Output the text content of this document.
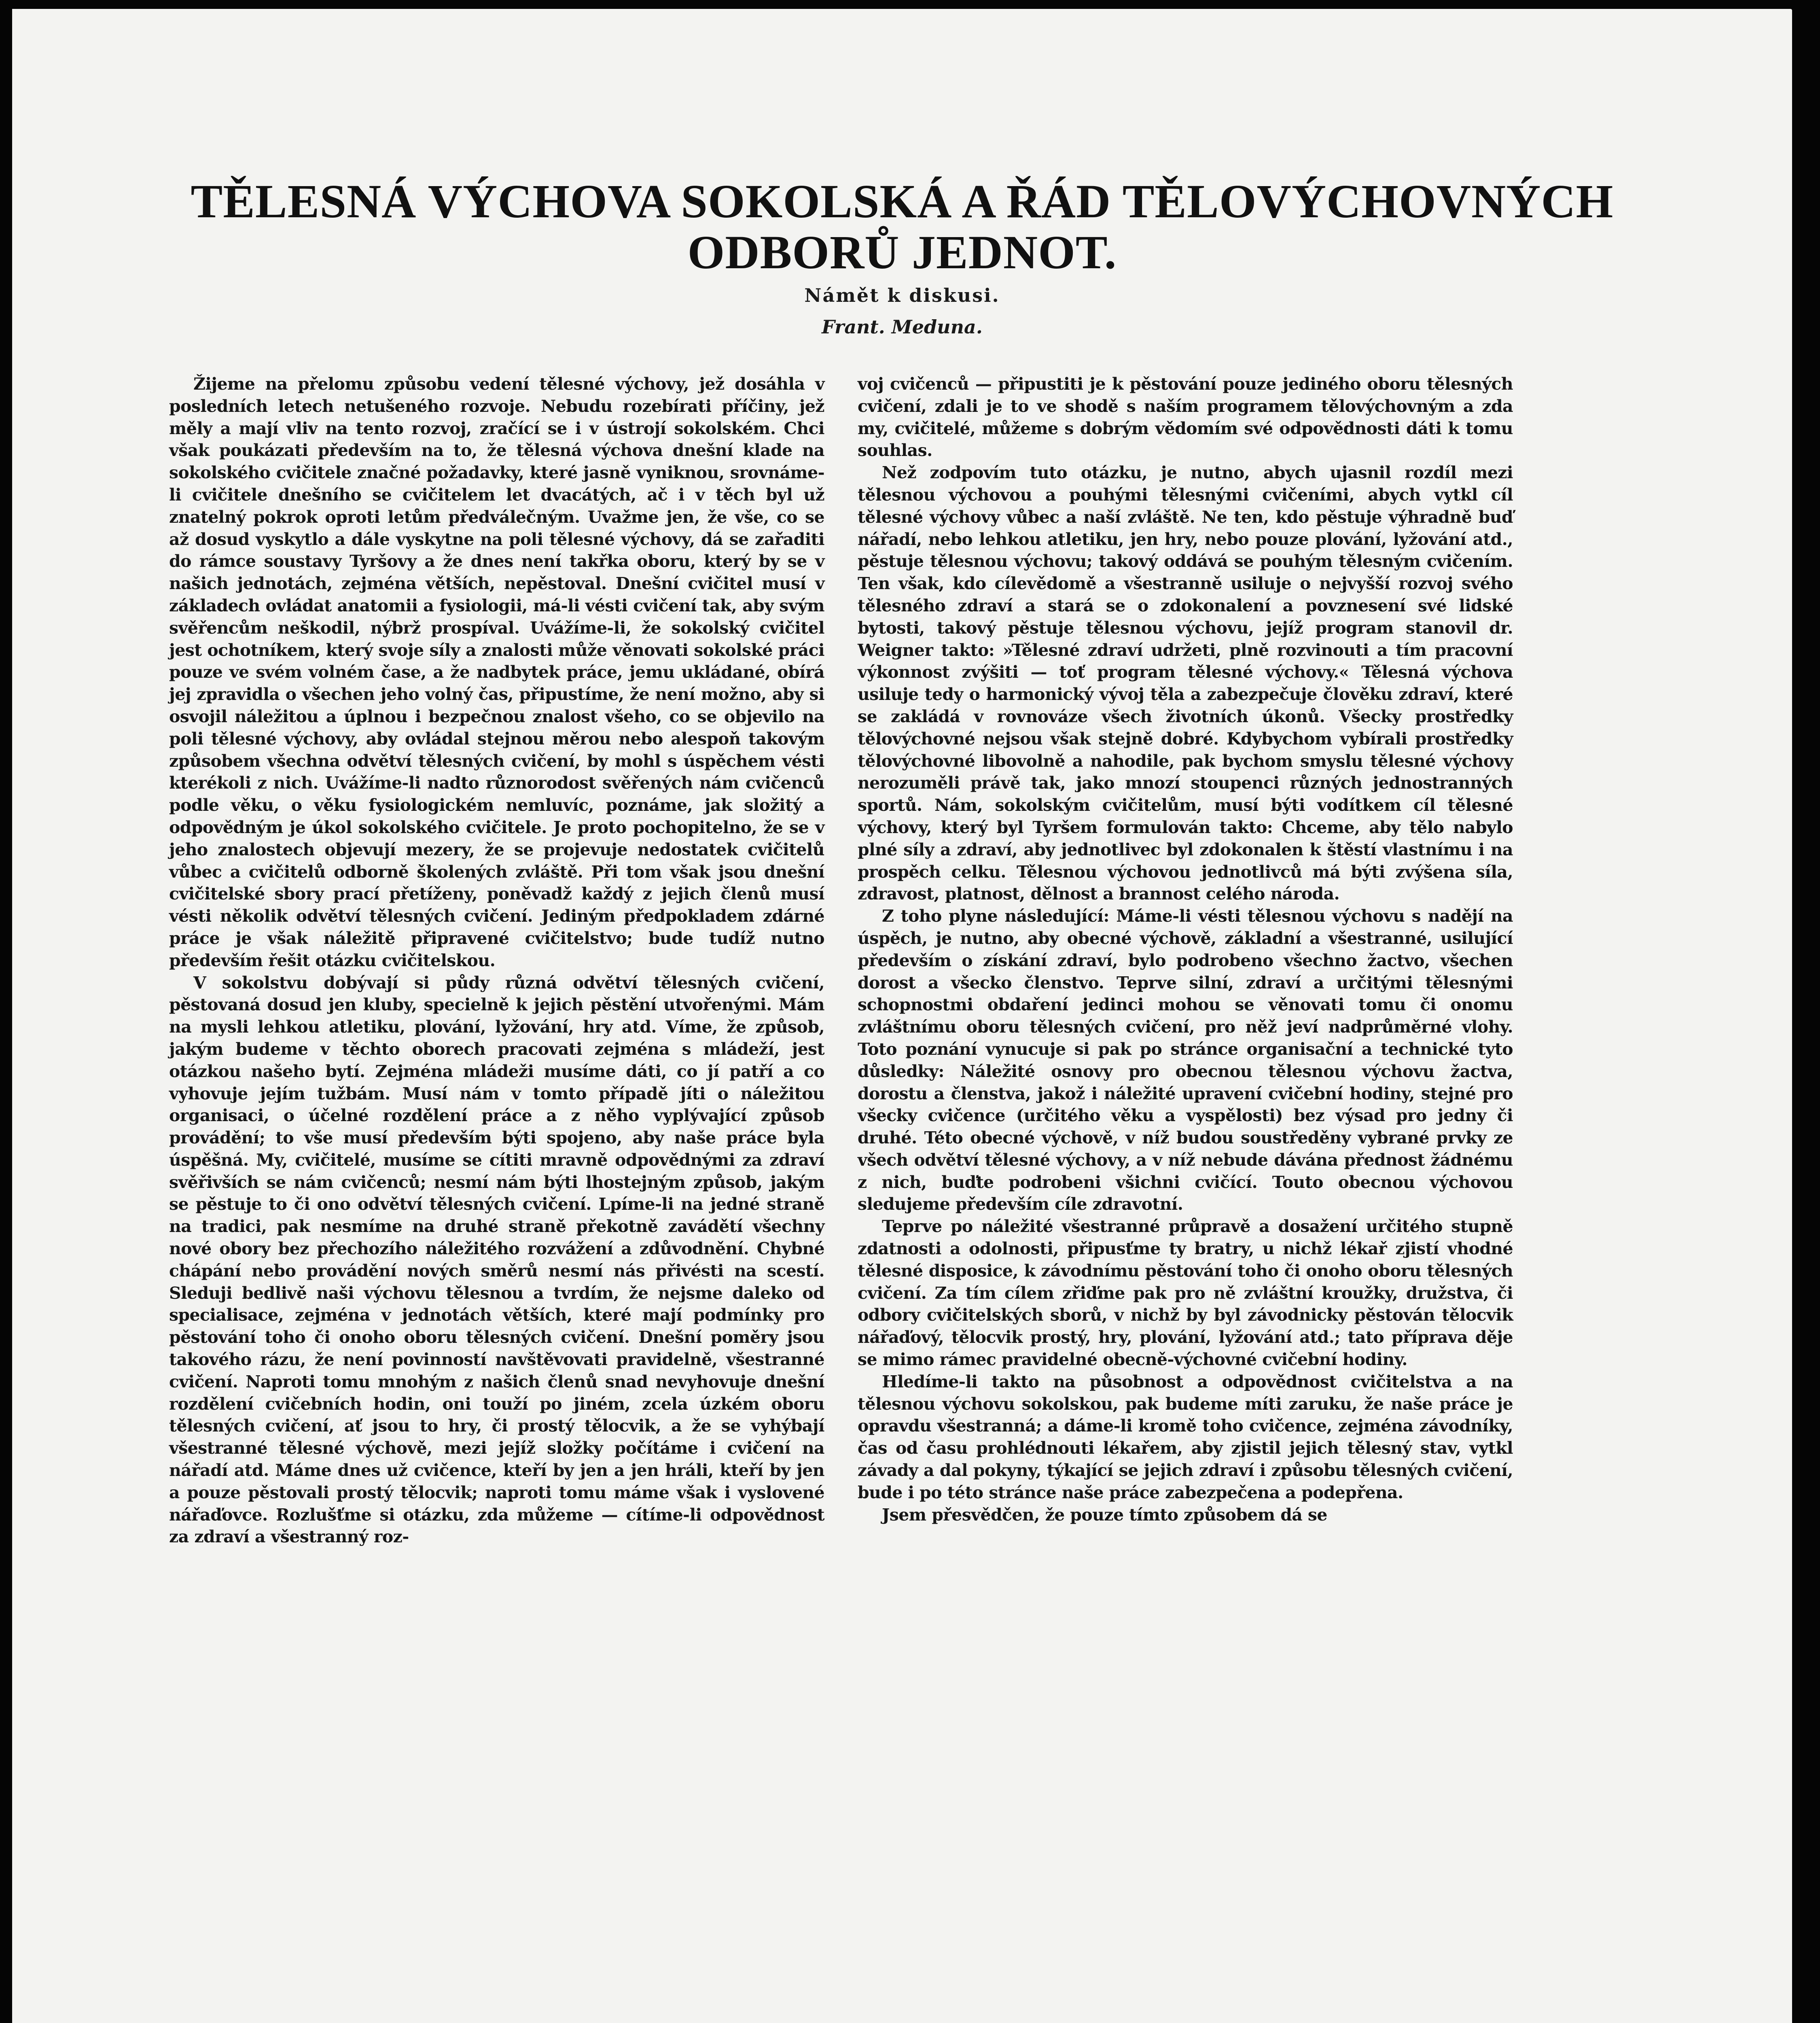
TĚLESNÁ VÝCHOVA SOKOLSKÁ A ŘÁD TĚLOVÝCHOVNÝCH
ODBORŮ JEDNOT.
Námět k diskusi.
Frant. Meduna.

Žijeme na přelomu způsobu vedení tělesné výchovy, jež dosáhla v posledních letech netušeného rozvoje. Nebudu rozebírati příčiny, jež měly a mají vliv na tento rozvoj, zračící se i v ústrojí sokolském. Chci však poukázati především na to, že tělesná výchova dnešní klade na sokolského cvičitele značné požadavky, které jasně vyniknou, srovnáme-li cvičitele dnešního se cvičitelem let dvacátých, ač i v těch byl už znatelný pokrok oproti letům předválečným. Uvažme jen, že vše, co se až dosud vyskytlo a dále vyskytne na poli tělesné výchovy, dá se zařaditi do rámce soustavy Tyršovy a že dnes není takřka oboru, který by se v našich jednotách, zejména větších, nepěstoval. Dnešní cvičitel musí v základech ovládat anatomii a fysiologii, má-li vésti cvičení tak, aby svým svěřencům neškodil, nýbrž prospíval. Uvážíme-li, že sokolský cvičitel jest ochotníkem, který svoje síly a znalosti může věnovati sokolské práci pouze ve svém volném čase, a že nadbytek práce, jemu ukládané, obírá jej zpravidla o všechen jeho volný čas, připustíme, že není možno, aby si osvojil náležitou a úplnou i bezpečnou znalost všeho, co se objevilo na poli tělesné výchovy, aby ovládal stejnou měrou nebo alespoň takovým způsobem všechna odvětví tělesných cvičení, by mohl s úspěchem vésti kterékoli z nich. Uvážíme-li nadto různorodost svěřených nám cvičenců podle věku, o věku fysiologickém nemluvíc, poznáme, jak složitý a odpovědným je úkol sokolského cvičitele. Je proto pochopitelno, že se v jeho znalostech objevují mezery, že se projevuje nedostatek cvičitelů vůbec a cvičitelů odborně školených zvláště. Při tom však jsou dnešní cvičitelské sbory prací přetíženy, poněvadž každý z jejich členů musí vésti několik odvětví tělesných cvičení. Jediným předpokladem zdárné práce je však náležitě připravené cvičitelstvo; bude tudíž nutno především řešit otázku cvičitelskou.

V sokolstvu dobývají si půdy různá odvětví tělesných cvičení, pěstovaná dosud jen kluby, specielně k jejich pěstění utvořenými. Mám na mysli lehkou atletiku, plování, lyžování, hry atd. Víme, že způsob, jakým budeme v těchto oborech pracovati zejména s mládeží, jest otázkou našeho bytí. Zejména mládeži musíme dáti, co jí patří a co vyhovuje jejím tužbám. Musí nám v tomto případě jíti o náležitou organisaci, o účelné rozdělení práce a z něho vyplývající způsob provádění; to vše musí především býti spojeno, aby naše práce byla úspěšná. My, cvičitelé, musíme se cítiti mravně odpovědnými za zdraví svěřivších se nám cvičenců; nesmí nám býti lhostejným způsob, jakým se pěstuje to či ono odvětví tělesných cvičení. Lpíme-li na jedné straně na tradici, pak nesmíme na druhé straně překotně zavádětí všechny nové obory bez přechozího náležitého rozvážení a zdůvodnění. Chybné chápání nebo provádění nových směrů nesmí nás přivésti na scestí. Sleduji bedlivě naši výchovu tělesnou a tvrdím, že nejsme daleko od specialisace, zejména v jednotách větších, které mají podmínky pro pěstování toho či onoho oboru tělesných cvičení. Dnešní poměry jsou takového rázu, že není povinností navštěvovati pravidelně, všestranné cvičení. Naproti tomu mnohým z našich členů snad nevyhovuje dnešní rozdělení cvičebních hodin, oni touží po jiném, zcela úzkém oboru tělesných cvičení, ať jsou to hry, či prostý tělocvik, a že se vyhýbají všestranné tělesné výchově, mezi jejíž složky počítáme i cvičení na nářadí atd. Máme dnes už cvičence, kteří by jen a jen hráli, kteří by jen a pouze pěstovali prostý tělocvik; naproti tomu máme však i vyslovené nářaďovce. Rozlušťme si otázku, zda můžeme — cítíme-li odpovědnost za zdraví a všestranný roz-

voj cvičenců — připustiti je k pěstování pouze jediného oboru tělesných cvičení, zdali je to ve shodě s naším programem tělovýchovným a zda my, cvičitelé, můžeme s dobrým vědomím své odpovědnosti dáti k tomu souhlas.

Než zodpovím tuto otázku, je nutno, abych ujasnil rozdíl mezi tělesnou výchovou a pouhými tělesnými cvičeními, abych vytkl cíl tělesné výchovy vůbec a naší zvláště. Ne ten, kdo pěstuje výhradně buď nářadí, nebo lehkou atletiku, jen hry, nebo pouze plování, lyžování atd., pěstuje tělesnou výchovu; takový oddává se pouhým tělesným cvičením. Ten však, kdo cílevědomě a všestranně usiluje o nejvyšší rozvoj svého tělesného zdraví a stará se o zdokonalení a povznesení své lidské bytosti, takový pěstuje tělesnou výchovu, jejíž program stanovil dr. Weigner takto: »Tělesné zdraví udržeti, plně rozvinouti a tím pracovní výkonnost zvýšiti — toť program tělesné výchovy.« Tělesná výchova usiluje tedy o harmonický vývoj těla a zabezpečuje člověku zdraví, které se zakládá v rovnováze všech životních úkonů. Všecky prostředky tělovýchovné nejsou však stejně dobré. Kdybychom vybírali prostředky tělovýchovné libovolně a nahodile, pak bychom smyslu tělesné výchovy nerozuměli právě tak, jako mnozí stoupenci různých jednostranných sportů. Nám, sokolským cvičitelům, musí býti vodítkem cíl tělesné výchovy, který byl Tyršem formulován takto: Chceme, aby tělo nabylo plné síly a zdraví, aby jednotlivec byl zdokonalen k štěstí vlastnímu i na prospěch celku. Tělesnou výchovou jednotlivců má býti zvýšena síla, zdravost, platnost, dělnost a brannost celého národa.

Z toho plyne následující: Máme-li vésti tělesnou výchovu s nadějí na úspěch, je nutno, aby obecné výchově, základní a všestranné, usilující především o získání zdraví, bylo podrobeno všechno žactvo, všechen dorost a všecko členstvo. Teprve silní, zdraví a určitými tělesnými schopnostmi obdaření jedinci mohou se věnovati tomu či onomu zvláštnímu oboru tělesných cvičení, pro něž jeví nadprůměrné vlohy. Toto poznání vynucuje si pak po stránce organisační a technické tyto důsledky: Náležité osnovy pro obecnou tělesnou výchovu žactva, dorostu a členstva, jakož i náležité upravení cvičební hodiny, stejné pro všecky cvičence (určitého věku a vyspělosti) bez výsad pro jedny či druhé. Této obecné výchově, v níž budou soustředěny vybrané prvky ze všech odvětví tělesné výchovy, a v níž nebude dávána přednost žádnému z nich, buďte podrobeni všichni cvičící. Touto obecnou výchovou sledujeme především cíle zdravotní.

Teprve po náležité všestranné průpravě a dosažení určitého stupně zdatnosti a odolnosti, připusťme ty bratry, u nichž lékař zjistí vhodné tělesné disposice, k závodnímu pěstování toho či onoho oboru tělesných cvičení. Za tím cílem zřiďme pak pro ně zvláštní kroužky, družstva, či odbory cvičitelských sborů, v nichž by byl závodnicky pěstován tělocvik nářaďový, tělocvik prostý, hry, plování, lyžování atd.; tato příprava děje se mimo rámec pravidelné obecně-výchovné cvičební hodiny.

Hledíme-li takto na působnost a odpovědnost cvičitelstva a na tělesnou výchovu sokolskou, pak budeme míti zaruku, že naše práce je opravdu všestranná; a dáme-li kromě toho cvičence, zejména závodníky, čas od času prohlédnouti lékařem, aby zjistil jejich tělesný stav, vytkl závady a dal pokyny, týkající se jejich zdraví i způsobu tělesných cvičení, bude i po této stránce naše práce zabezpečena a podepřena.

Jsem přesvědčen, že pouze tímto způsobem dá se
